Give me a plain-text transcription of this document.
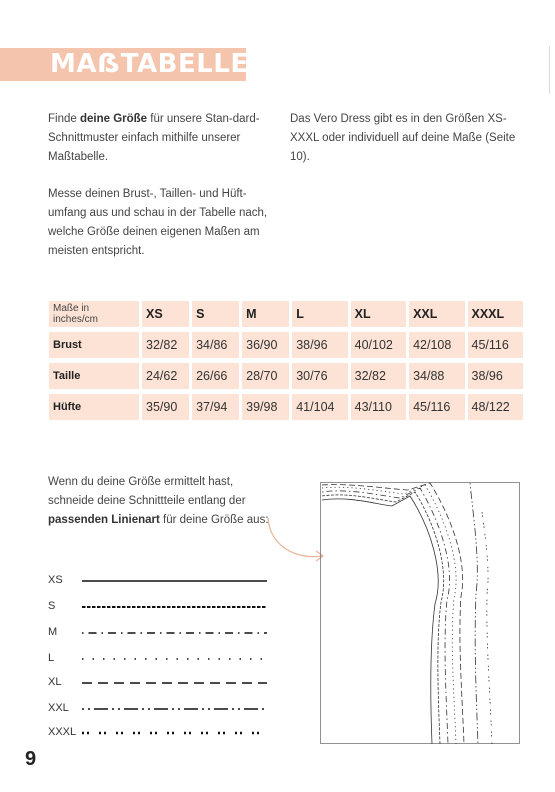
MAẞTABELLE
Finde deine Größe für unsere Stan-dard-Schnittmuster einfach mithilfe unserer Maßtabelle.
Messe deinen Brust-, Taillen- und Hüft-umfang aus und schau in der Tabelle nach, welche Größe deinen eigenen Maßen am meisten entspricht.
Das Vero Dress gibt es in den Größen XS-XXXL oder individuell auf deine Maße (Seite 10).
Maße in inches/cm	XS	S	M	L	XL	XXL	XXXL
Brust	32/82	34/86	36/90	38/96	40/102	42/108	45/116
Taille	24/62	26/66	28/70	30/76	32/82	34/88	38/96
Hüfte	35/90	37/94	39/98	41/104	43/110	45/116	48/122
Wenn du deine Größe ermittelt hast, schneide deine Schnittteile entlang der passenden Linienart für deine Größe aus:
XS
S
M
L
XL
XXL
XXXL
9
